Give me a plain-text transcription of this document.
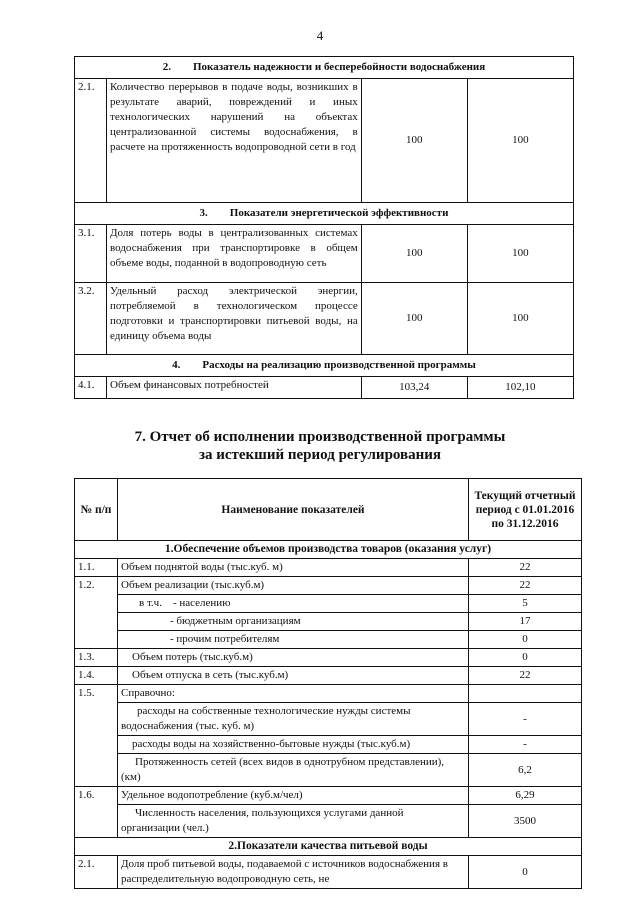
4
2.  Показатель надежности и бесперебойности водоснабжения			
2.1.	Количество перерывов в подаче воды, возникших в результате аварий, повреждений и иных технологических нарушений на объектах централизованной системы водоснабжения, в расчете на протяженность водопроводной сети в год	100	100
3.  Показатели энергетической эффективности			
3.1.	Доля потерь воды в централизованных системах водоснабжения при транспортировке в общем объеме воды, поданной в водопроводную сеть	100	100
3.2.	Удельный расход электрической энергии, потребляемой в технологическом процессе подготовки и транспортировки питьевой воды, на единицу объема воды	100	100
4.  Расходы на реализацию производственной программы			
4.1.	Объем финансовых потребностей	103,24	102,10
7. Отчет об исполнении производственной программы
за истекший период регулирования
№ п/п	Наименование показателей	Текущий отчетный период с 01.01.2016 по 31.12.2016
1.Обеспечение объемов производства товаров (оказания услуг)		
1.1.	Объем поднятой воды (тыс.куб. м)	22
1.2.	Объем реализации (тыс.куб.м)	22
	в т.ч. - населению	5
	- бюджетным организациям	17
	- прочим потребителям	0
1.3.	Объем потерь (тыс.куб.м)	0
1.4.	Объем отпуска в сеть (тыс.куб.м)	22
1.5.	Справочно:	
	расходы на собственные технологические нужды системы водоснабжения (тыс. куб. м)	-
	расходы воды на хозяйственно-бытовые нужды (тыс.куб.м)	-
	Протяженность сетей (всех видов в однотрубном представлении), (км)	6,2
1.6.	Удельное водопотребление (куб.м/чел)	6,29
	Численность населения, пользующихся услугами данной организации (чел.)	3500
2.Показатели качества питьевой воды		
2.1.	Доля проб питьевой воды, подаваемой с источников водоснабжения в распределительную водопроводную сеть, не	0
